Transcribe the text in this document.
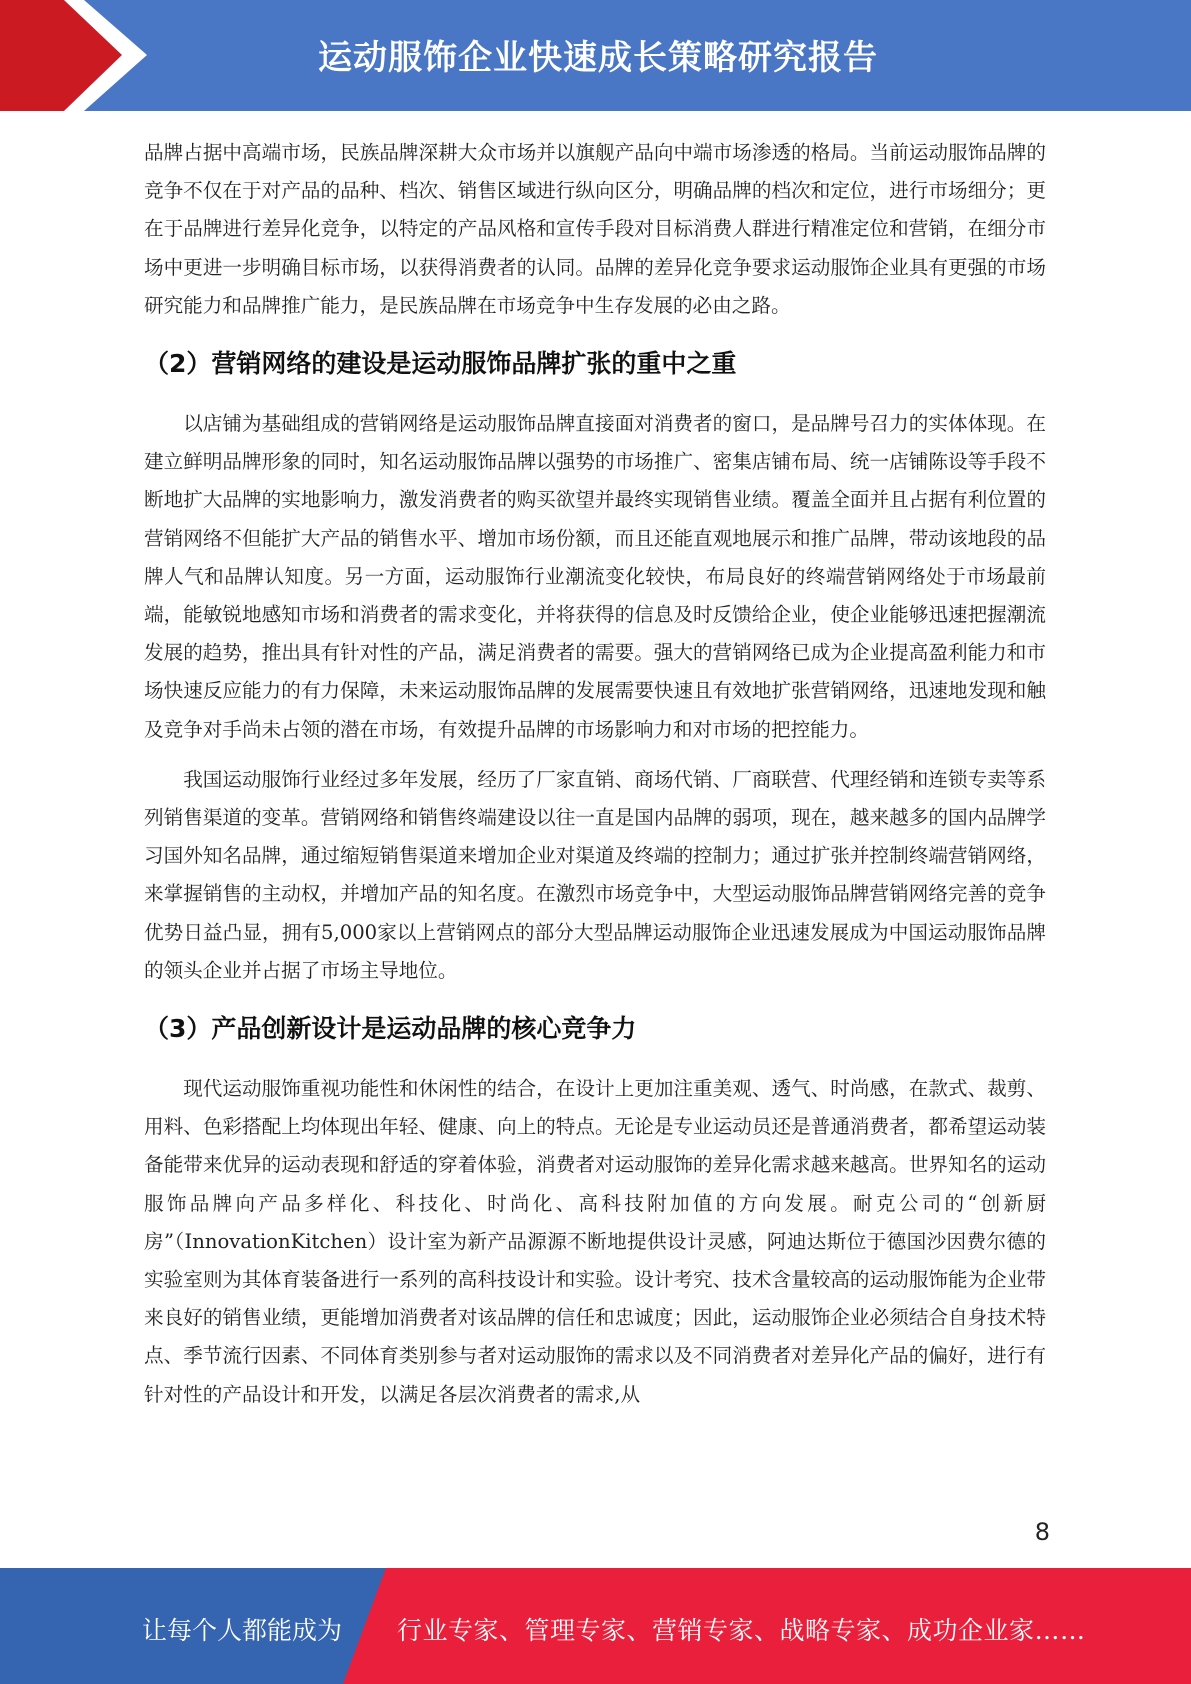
运动服饰企业快速成长策略研究报告

品牌占据中高端市场，民族品牌深耕大众市场并以旗舰产品向中端市场渗透的格局。当前运动服饰品牌的竞争不仅在于对产品的品种、档次、销售区域进行纵向区分，明确品牌的档次和定位，进行市场细分；更在于品牌进行差异化竞争，以特定的产品风格和宣传手段对目标消费人群进行精准定位和营销，在细分市场中更进一步明确目标市场，以获得消费者的认同。品牌的差异化竞争要求运动服饰企业具有更强的市场研究能力和品牌推广能力，是民族品牌在市场竞争中生存发展的必由之路。

（2）营销网络的建设是运动服饰品牌扩张的重中之重

以店铺为基础组成的营销网络是运动服饰品牌直接面对消费者的窗口，是品牌号召力的实体体现。在建立鲜明品牌形象的同时，知名运动服饰品牌以强势的市场推广、密集店铺布局、统一店铺陈设等手段不断地扩大品牌的实地影响力，激发消费者的购买欲望并最终实现销售业绩。覆盖全面并且占据有利位置的营销网络不但能扩大产品的销售水平、增加市场份额，而且还能直观地展示和推广品牌，带动该地段的品牌人气和品牌认知度。另一方面，运动服饰行业潮流变化较快，布局良好的终端营销网络处于市场最前端，能敏锐地感知市场和消费者的需求变化，并将获得的信息及时反馈给企业，使企业能够迅速把握潮流发展的趋势，推出具有针对性的产品，满足消费者的需要。强大的营销网络已成为企业提高盈利能力和市场快速反应能力的有力保障，未来运动服饰品牌的发展需要快速且有效地扩张营销网络，迅速地发现和触及竞争对手尚未占领的潜在市场，有效提升品牌的市场影响力和对市场的把控能力。

我国运动服饰行业经过多年发展，经历了厂家直销、商场代销、厂商联营、代理经销和连锁专卖等系列销售渠道的变革。营销网络和销售终端建设以往一直是国内品牌的弱项，现在，越来越多的国内品牌学习国外知名品牌，通过缩短销售渠道来增加企业对渠道及终端的控制力；通过扩张并控制终端营销网络，来掌握销售的主动权，并增加产品的知名度。在激烈市场竞争中，大型运动服饰品牌营销网络完善的竞争优势日益凸显，拥有5,000家以上营销网点的部分大型品牌运动服饰企业迅速发展成为中国运动服饰品牌的领头企业并占据了市场主导地位。

（3）产品创新设计是运动品牌的核心竞争力

现代运动服饰重视功能性和休闲性的结合，在设计上更加注重美观、透气、时尚感，在款式、裁剪、用料、色彩搭配上均体现出年轻、健康、向上的特点。无论是专业运动员还是普通消费者，都希望运动装备能带来优异的运动表现和舒适的穿着体验，消费者对运动服饰的差异化需求越来越高。世界知名的运动服饰品牌向产品多样化、科技化、时尚化、高科技附加值的方向发展。耐克公司的“创新厨房”（InnovationKitchen）设计室为新产品源源不断地提供设计灵感，阿迪达斯位于德国沙因费尔德的实验室则为其体育装备进行一系列的高科技设计和实验。设计考究、技术含量较高的运动服饰能为企业带来良好的销售业绩，更能增加消费者对该品牌的信任和忠诚度；因此，运动服饰企业必须结合自身技术特点、季节流行因素、不同体育类别参与者对运动服饰的需求以及不同消费者对差异化产品的偏好，进行有针对性的产品设计和开发，以满足各层次消费者的需求,从

8
让每个人都能成为 行业专家、管理专家、营销专家、战略专家、成功企业家……
